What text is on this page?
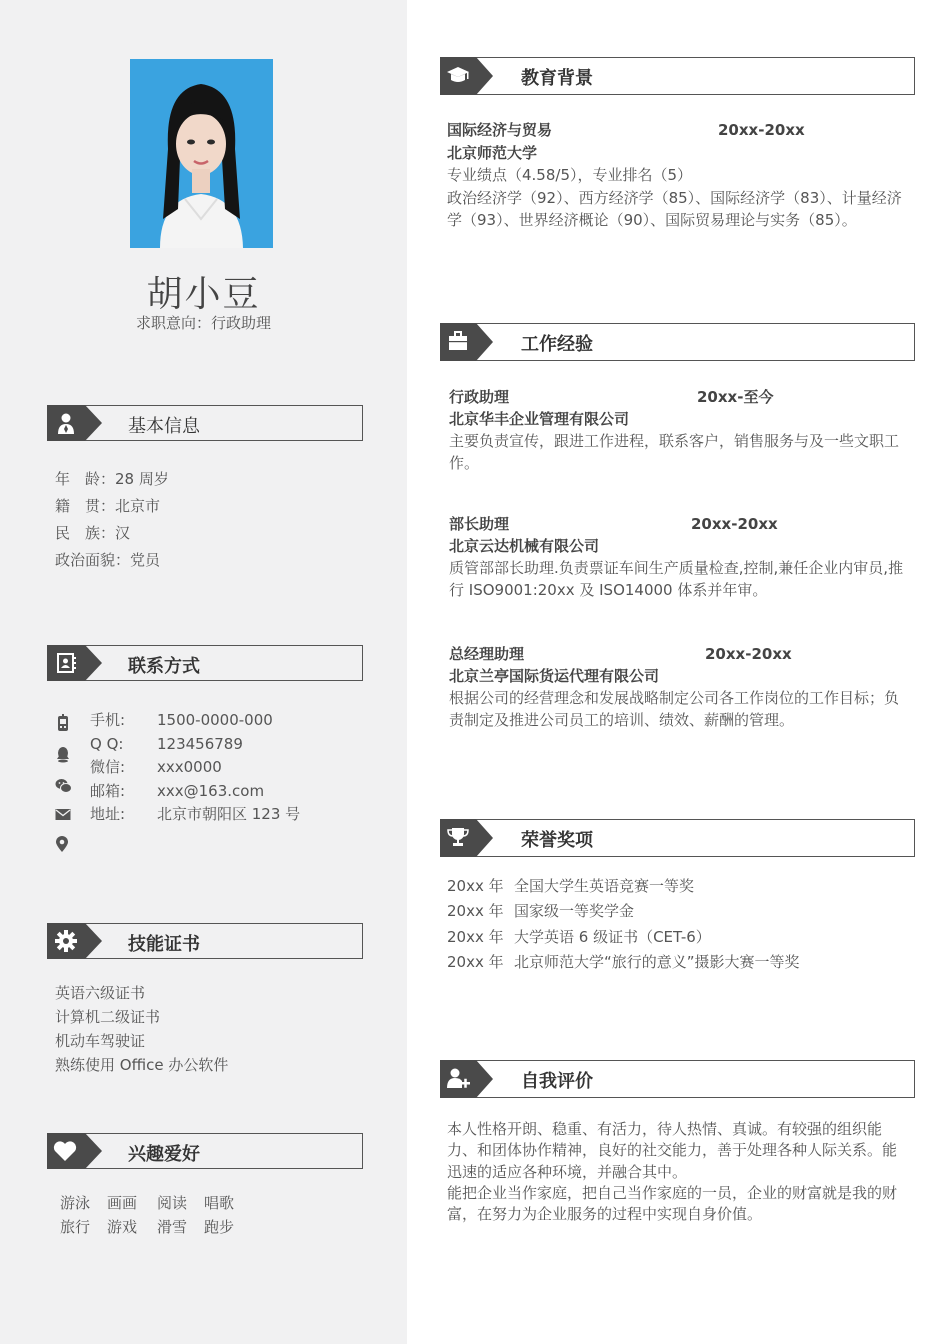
胡小豆
求职意向：行政助理
基本信息
年　龄： 28 周岁
籍　贯： 北京市
民　族： 汉
政治面貌： 党员
联系方式
手机:	1500-0000-000
Q Q:	123456789
微信:	xxx0000
邮箱:	xxx@163.com
地址:	北京市朝阳区 123 号
技能证书
英语六级证书
计算机二级证书
机动车驾驶证
熟练使用 Office 办公软件
兴趣爱好
游泳	画画	阅读	唱歌
旅行	游戏	滑雪	跑步
教育背景
国际经济与贸易	20xx-20xx
北京师范大学
专业绩点（4.58/5），专业排名（5）
政治经济学（92）、西方经济学（85）、国际经济学（83）、计量经济学（93）、世界经济概论（90）、国际贸易理论与实务（85）。
工作经验
行政助理	20xx-至今
北京华丰企业管理有限公司
主要负责宣传，跟进工作进程，联系客户，销售服务与及一些文职工作。
部长助理	20xx-20xx
北京云达机械有限公司
质管部部长助理.负责票证车间生产质量检查,控制,兼任企业内审员,推行 ISO9001:20xx 及 ISO14000 体系并年审。
总经理助理	20xx-20xx
北京兰亭国际货运代理有限公司
根据公司的经营理念和发展战略制定公司各工作岗位的工作目标；负责制定及推进公司员工的培训、绩效、薪酬的管理。
荣誉奖项
20xx 年 全国大学生英语竞赛一等奖
20xx 年 国家级一等奖学金
20xx 年 大学英语 6 级证书（CET-6）
20xx 年 北京师范大学“旅行的意义”摄影大赛一等奖
自我评价
本人性格开朗、稳重、有活力，待人热情、真诚。有较强的组织能力、和团体协作精神，良好的社交能力，善于处理各种人际关系。能迅速的适应各种环境，并融合其中。
能把企业当作家庭，把自己当作家庭的一员，企业的财富就是我的财富，在努力为企业服务的过程中实现自身价值。
